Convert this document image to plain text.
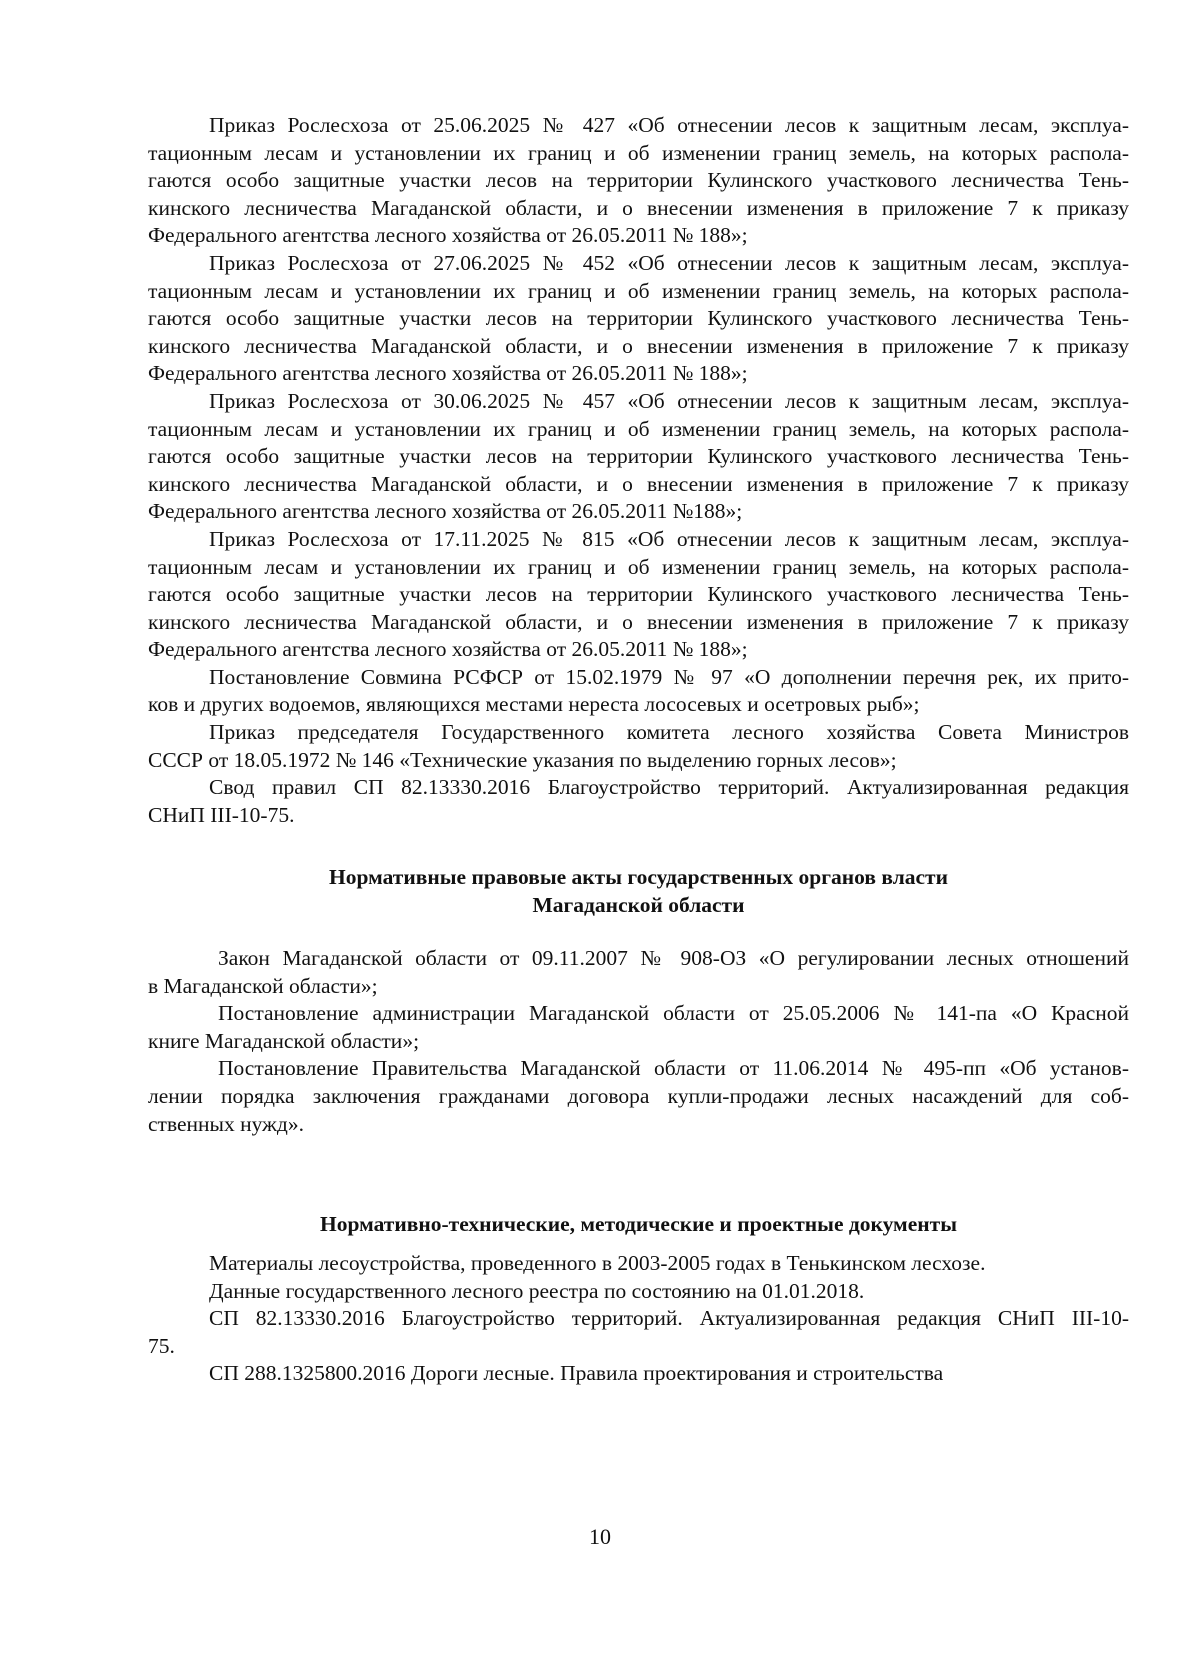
Приказ Рослесхоза от 25.06.2025 № 427 «Об отнесении лесов к защитным лесам, эксплуа-
тационным лесам и установлении их границ и об изменении границ земель, на которых распола-
гаются особо защитные участки лесов на территории Кулинского участкового лесничества Тень-
кинского лесничества Магаданской области, и о внесении изменения в приложение 7 к приказу
Федерального агентства лесного хозяйства от 26.05.2011 № 188»;
Приказ Рослесхоза от 27.06.2025 № 452 «Об отнесении лесов к защитным лесам, эксплуа-
тационным лесам и установлении их границ и об изменении границ земель, на которых распола-
гаются особо защитные участки лесов на территории Кулинского участкового лесничества Тень-
кинского лесничества Магаданской области, и о внесении изменения в приложение 7 к приказу
Федерального агентства лесного хозяйства от 26.05.2011 № 188»;
Приказ Рослесхоза от 30.06.2025 № 457 «Об отнесении лесов к защитным лесам, эксплуа-
тационным лесам и установлении их границ и об изменении границ земель, на которых распола-
гаются особо защитные участки лесов на территории Кулинского участкового лесничества Тень-
кинского лесничества Магаданской области, и о внесении изменения в приложение 7 к приказу
Федерального агентства лесного хозяйства от 26.05.2011 №188»;
Приказ Рослесхоза от 17.11.2025 № 815 «Об отнесении лесов к защитным лесам, эксплуа-
тационным лесам и установлении их границ и об изменении границ земель, на которых распола-
гаются особо защитные участки лесов на территории Кулинского участкового лесничества Тень-
кинского лесничества Магаданской области, и о внесении изменения в приложение 7 к приказу
Федерального агентства лесного хозяйства от 26.05.2011 № 188»;
Постановление Совмина РСФСР от 15.02.1979 № 97 «О дополнении перечня рек, их прито-
ков и других водоемов, являющихся местами нереста лососевых и осетровых рыб»;
Приказ председателя Государственного комитета лесного хозяйства Совета Министров
СССР от 18.05.1972 № 146 «Технические указания по выделению горных лесов»;
Свод правил СП 82.13330.2016 Благоустройство территорий. Актуализированная редакция
СНиП III-10-75.
Нормативные правовые акты государственных органов власти
Магаданской области
Закон Магаданской области от 09.11.2007 № 908-ОЗ «О регулировании лесных отношений
в Магаданской области»;
Постановление администрации Магаданской области от 25.05.2006 № 141-па «О Красной
книге Магаданской области»;
Постановление Правительства Магаданской области от 11.06.2014 № 495-пп «Об установ-
лении порядка заключения гражданами договора купли-продажи лесных насаждений для соб-
ственных нужд».
Нормативно-технические, методические и проектные документы
Материалы лесоустройства, проведенного в 2003-2005 годах в Тенькинском лесхозе.
Данные государственного лесного реестра по состоянию на 01.01.2018.
СП 82.13330.2016 Благоустройство территорий. Актуализированная редакция СНиП III-10-
75.
СП 288.1325800.2016 Дороги лесные. Правила проектирования и строительства
10
